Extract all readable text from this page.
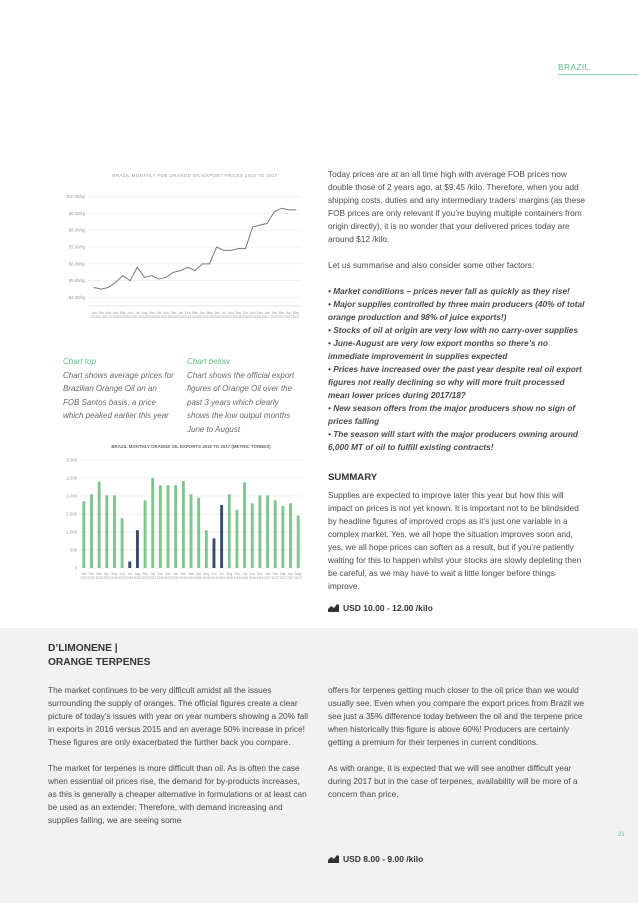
BRAZIL
BRAZIL MONTHLY FOB ORANGE OIL EXPORT PRICES 2015 TO 2017
$10.00/kg
$9.00/kg
$8.00/kg
$7.00/kg
$6.00/kg
$5.00/kg
$4.00/kg
Jan
2015
Feb
2015
Mar
2015
Apr
2015
May
2015
Jun
2015
Jul
2015
Aug
2015
Sep
2015
Oct
2015
Nov
2015
Dec
2015
Jan
2016
Feb
2016
Mar
2016
Apr
2016
May
2016
Jun
2016
Jul
2016
Aug
2016
Sep
2016
Oct
2016
Nov
2016
Dec
2016
Jan
2017
Feb
2017
Mar
2017
Apr
2017
May
2017
Chart top
Chart shows average prices for Brazilian Orange Oil on an FOB Santos basis, a price which peaked earlier this year
Chart below
Chart shows the official export figures of Orange Oil over the past 3 years which clearly shows the low output months June to August
BRAZIL MONTHLY ORANGE OIL EXPORTS 2015 TO 2017 (METRIC TONNES)
3,000
2,500
2,000
1,500
1,000
500
0
Jan
2015
Feb
2015
Mar
2015
Apr
2015
May
2015
Jun
2015
Jul
2015
Aug
2015
Sep
2015
Oct
2015
Nov
2015
Dec
2015
Jan
2016
Feb
2016
Mar
2016
Apr
2016
May
2016
Jun
2016
Jul
2016
Aug
2016
Sep
2016
Oct
2016
Nov
2016
Dec
2016
Jan
2017
Feb
2017
Mar
2017
Apr
2017
May
2017

Today prices are at an all time high with average FOB prices now double those of 2 years ago, at $9.45 /kilo. Therefore, when you add shipping costs, duties and any intermediary traders’ margins (as these FOB prices are only relevant if you’re buying multiple containers from origin directly), it is no wonder that your delivered prices today are around $12 /kilo.

Let us summarise and also consider some other factors:

• Market conditions – prices never fall as quickly as they rise!

• Major supplies controlled by three main producers (40% of total orange production and 98% of juice exports!)

• Stocks of oil at origin are very low with no carry-over supplies

• June-August are very low export months so there’s no immediate improvement in supplies expected

• Prices have increased over the past year despite real oil export figures not really declining so why will more fruit processed mean lower prices during 2017/18?

• New season offers from the major producers show no sign of prices falling

• The season will start with the major producers owning around 6,000 MT of oil to fulfill existing contracts!

SUMMARY
Supplies are expected to improve later this year but how this will impact on prices is not yet known. It is important not to be blindsided by headline figures of improved crops as it’s just one variable in a complex market. Yes, we all hope the situation improves soon and, yes, we all hope prices can soften as a result, but if you’re patiently waiting for this to happen whilst your stocks are slowly depleting then be careful, as we may have to wait a little longer before things improve.
USD 10.00 - 12.00 /kilo
D’LIMONENE |
ORANGE TERPENES

The market continues to be very difficult amidst all the issues surrounding the supply of oranges. The official figures create a clear picture of today’s issues with year on year numbers showing a 20% fall in exports in 2016 versus 2015 and an average 50% increase in price! These figures are only exacerbated the further back you compare.

The market for terpenes is more difficult than oil. As is often the case when essential oil prices rise, the demand for by-products increases, as this is generally a cheaper alternative in formulations or at least can be used as an extender. Therefore, with demand increasing and supplies falling, we are seeing some

offers for terpenes getting much closer to the oil price than we would usually see. Even when you compare the export prices from Brazil we see just a 35% difference today between the oil and the terpene price when historically this figure is above 60%! Producers are certainly getting a premium for their terpenes in current conditions.

As with orange, it is expected that we will see another difficult year during 2017 but in the case of terpenes, availability will be more of a concern than price.

USD 8.00 - 9.00 /kilo
21
